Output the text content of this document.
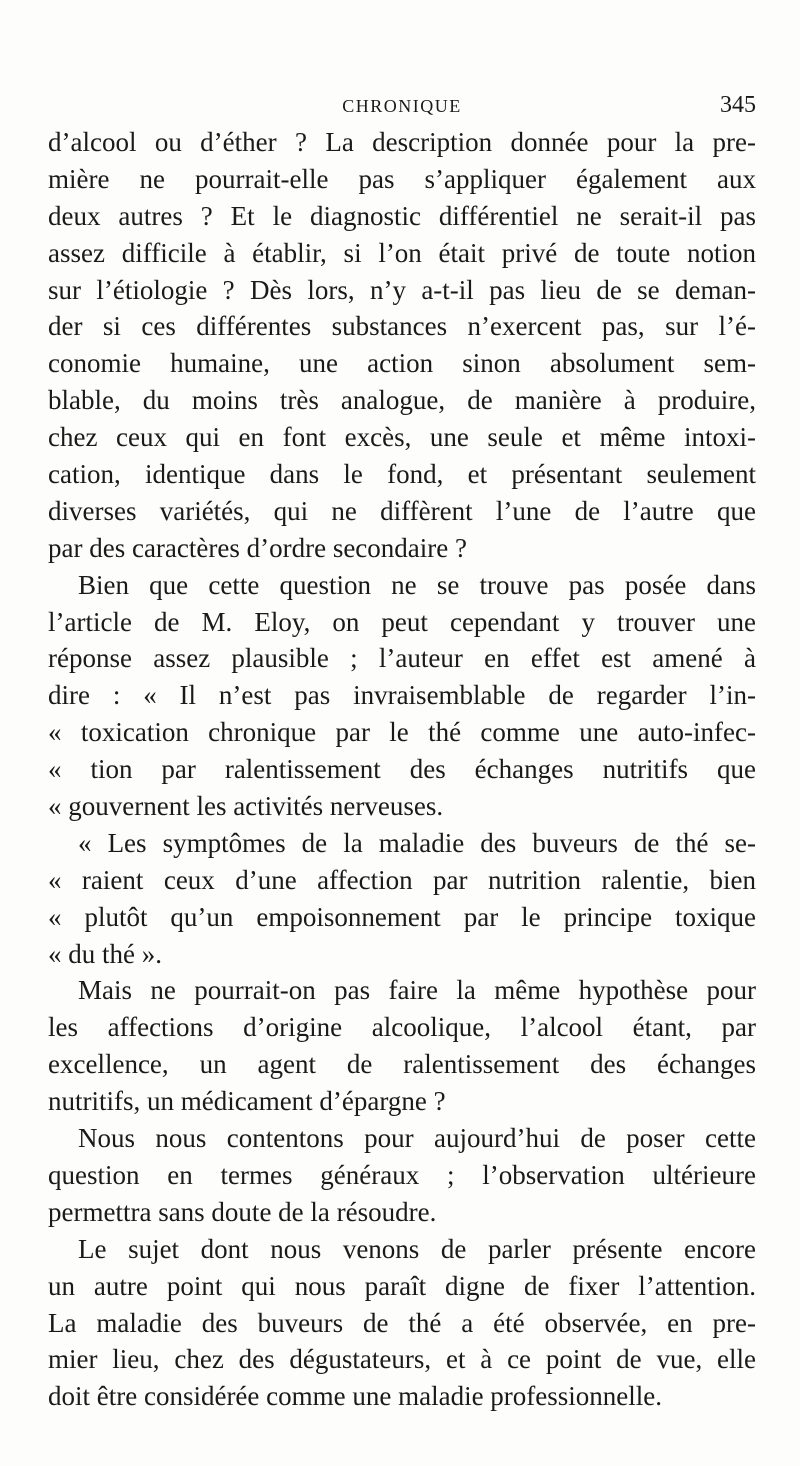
CHRONIQUE	345
d’alcool ou d’éther ? La description donnée pour la pre-
mière ne pourrait-elle pas s’appliquer également aux
deux autres ? Et le diagnostic différentiel ne serait-il pas
assez difficile à établir, si l’on était privé de toute notion
sur l’étiologie ? Dès lors, n’y a-t-il pas lieu de se deman-
der si ces différentes substances n’exercent pas, sur l’é-
conomie humaine, une action sinon absolument sem-
blable, du moins très analogue, de manière à produire,
chez ceux qui en font excès, une seule et même intoxi-
cation, identique dans le fond, et présentant seulement
diverses variétés, qui ne diffèrent l’une de l’autre que
par des caractères d’ordre secondaire ?
Bien que cette question ne se trouve pas posée dans
l’article de M. Eloy, on peut cependant y trouver une
réponse assez plausible ; l’auteur en effet est amené à
dire : « Il n’est pas invraisemblable de regarder l’in-
« toxication chronique par le thé comme une auto-infec-
« tion par ralentissement des échanges nutritifs que
« gouvernent les activités nerveuses.
« Les symptômes de la maladie des buveurs de thé se-
« raient ceux d’une affection par nutrition ralentie, bien
« plutôt qu’un empoisonnement par le principe toxique
« du thé ».
Mais ne pourrait-on pas faire la même hypothèse pour
les affections d’origine alcoolique, l’alcool étant, par
excellence, un agent de ralentissement des échanges
nutritifs, un médicament d’épargne ?
Nous nous contentons pour aujourd’hui de poser cette
question en termes généraux ; l’observation ultérieure
permettra sans doute de la résoudre.
Le sujet dont nous venons de parler présente encore
un autre point qui nous paraît digne de fixer l’attention.
La maladie des buveurs de thé a été observée, en pre-
mier lieu, chez des dégustateurs, et à ce point de vue, elle
doit être considérée comme une maladie professionnelle.
